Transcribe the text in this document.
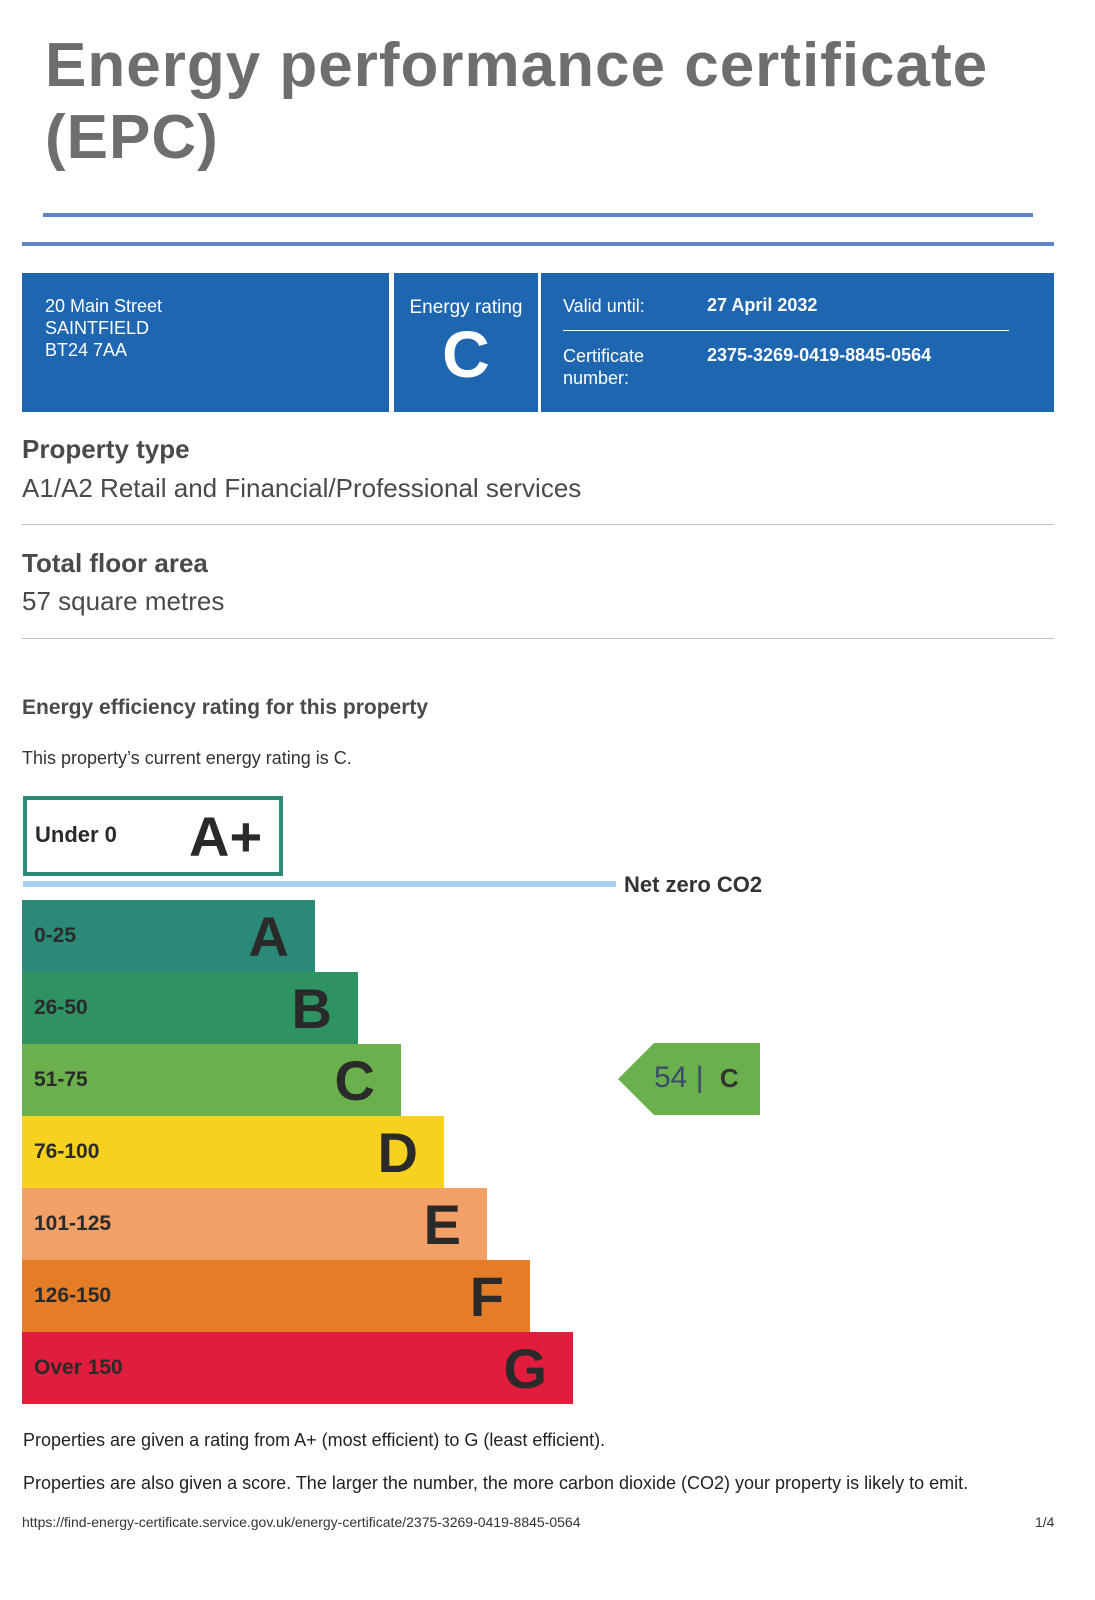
Energy performance certificate (EPC)
20 Main Street
SAINTFIELD
BT24 7AA
Energy rating
C
Valid until:	27 April 2032
Certificate
number:
2375-3269-0419-8845-0564
Property type
A1/A2 Retail and Financial/Professional services
Total floor area
57 square metres
Energy efficiency rating for this property
This property’s current energy rating is C.
Under 0 A+
Net zero CO2
0-25	A
26-50	B
51-75	C
76-100	D
101-125	E
126-150	F
Over 150	G
54 | C
Properties are given a rating from A+ (most efficient) to G (least efficient).
Properties are also given a score. The larger the number, the more carbon dioxide (CO2) your property is likely to emit.
https://find-energy-certificate.service.gov.uk/energy-certificate/2375-3269-0419-8845-0564	1/4
